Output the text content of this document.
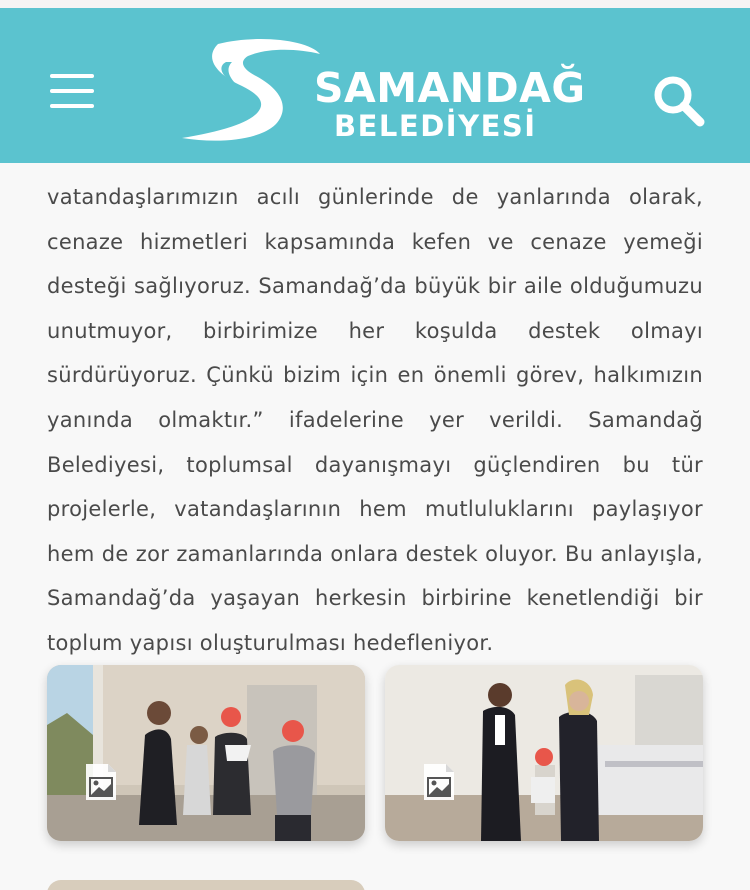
SAMANDAĞ
BELEDİYESİ

vatandaşlarımızın acılı günlerinde de yanlarında olarak, cenaze hizmetleri kapsamında kefen ve cenaze yemeği desteği sağlıyoruz. Samandağ’da büyük bir aile olduğumuzu unutmuyor, birbirimize her koşulda destek olmayı sürdürüyoruz. Çünkü bizim için en önemli görev, halkımızın yanında olmaktır.” ifadelerine yer verildi. Samandağ Belediyesi, toplumsal dayanışmayı güçlendiren bu tür projelerle, vatandaşlarının hem mutluluklarını paylaşıyor hem de zor zamanlarında onlara destek oluyor. Bu anlayışla, Samandağ’da yaşayan herkesin birbirine kenetlendiği bir toplum yapısı oluşturulması hedefleniyor.
